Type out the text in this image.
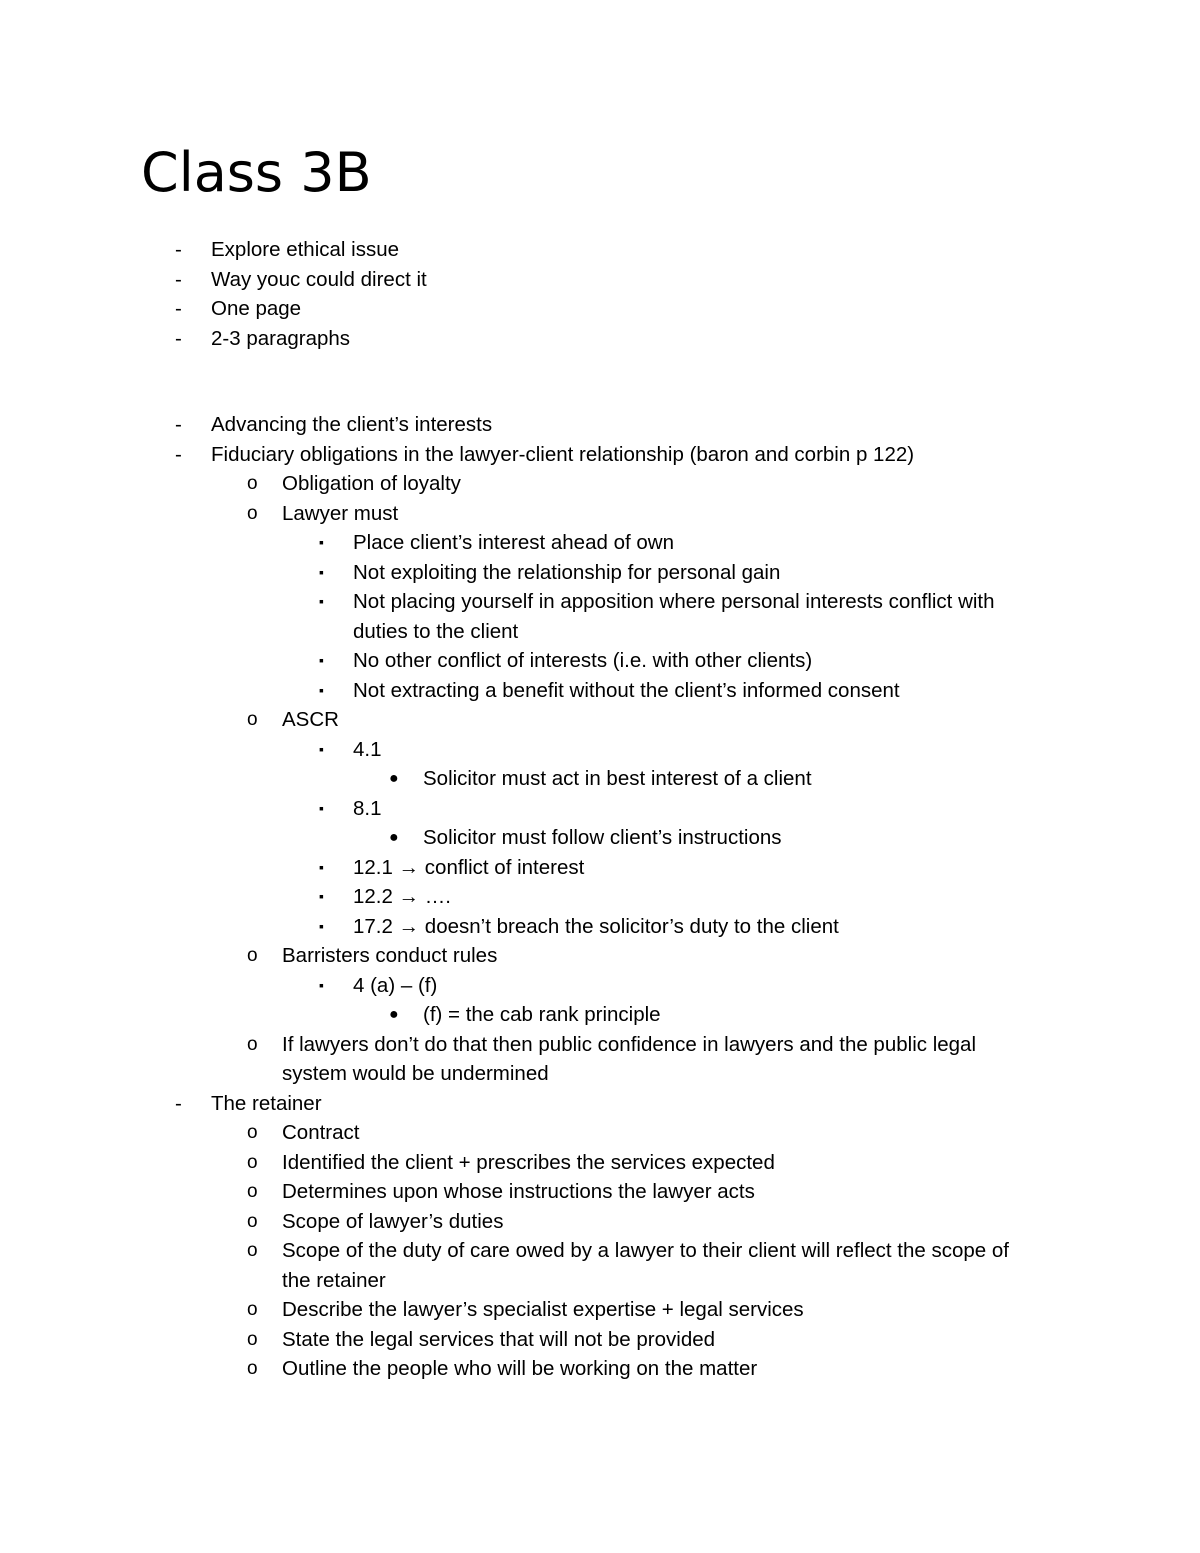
Class 3B
- Explore ethical issue
- Way youc could direct it
- One page
- 2-3 paragraphs
- Advancing the client’s interests
- Fiduciary obligations in the lawyer-client relationship (baron and corbin p 122)
o Obligation of loyalty
o Lawyer must
▪ Place client’s interest ahead of own
▪ Not exploiting the relationship for personal gain
▪ Not placing yourself in apposition where personal interests conflict with
duties to the client
▪ No other conflict of interests (i.e. with other clients)
▪ Not extracting a benefit without the client’s informed consent
o ASCR
▪ 4.1
● Solicitor must act in best interest of a client
▪ 8.1
● Solicitor must follow client’s instructions
▪ 12.1 → conflict of interest
▪ 12.2 → ….
▪ 17.2 → doesn’t breach the solicitor’s duty to the client
o Barristers conduct rules
▪ 4 (a) – (f)
● (f) = the cab rank principle
o If lawyers don’t do that then public confidence in lawyers and the public legal
system would be undermined
- The retainer
o Contract
o Identified the client + prescribes the services expected
o Determines upon whose instructions the lawyer acts
o Scope of lawyer’s duties
o Scope of the duty of care owed by a lawyer to their client will reflect the scope of
the retainer
o Describe the lawyer’s specialist expertise + legal services
o State the legal services that will not be provided
o Outline the people who will be working on the matter
